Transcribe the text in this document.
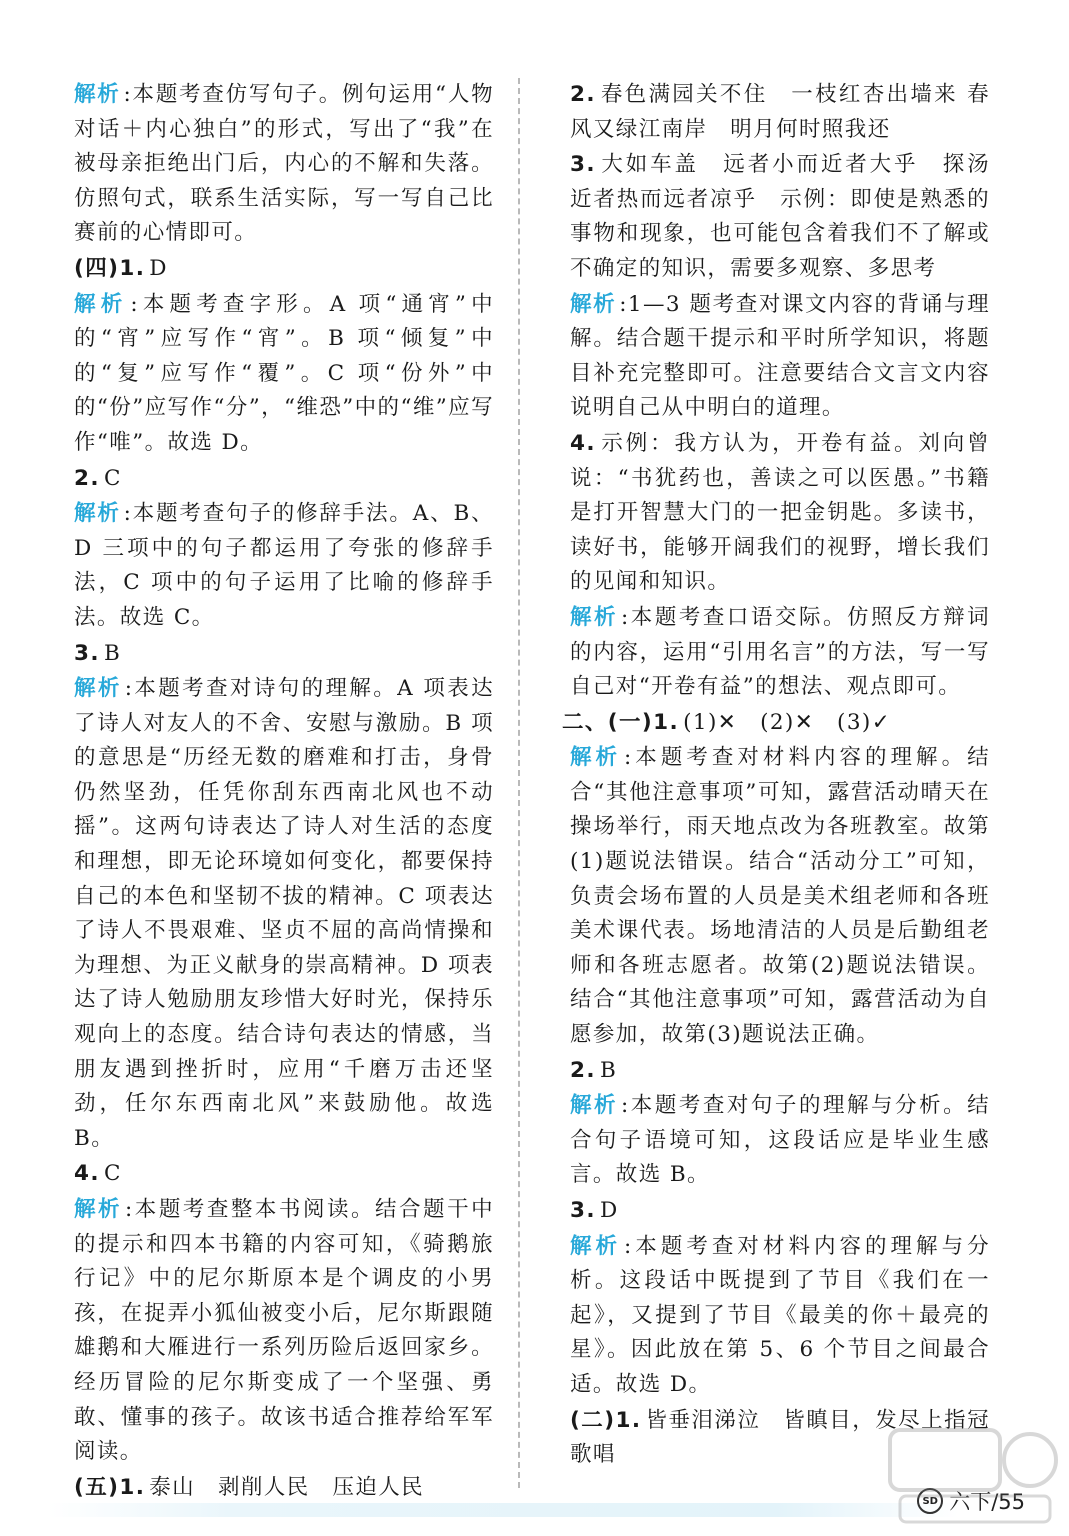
解析 :本题考查仿写句子。例句运用“人物对话＋内心独白”的形式，写出了“我”在被母亲拒绝出门后，内心的不解和失落。仿照句式，联系生活实际，写一写自己比赛前的心情即可。
(四)1. D
解析 :本题考查字形。A 项“通宵”中的“宵”应写作“宵”。B 项“倾复”中的“复”应写作“覆”。C 项“份外”中的“份”应写作“分”，“维恐”中的“维”应写作“唯”。故选 D。
2. C
解析 :本题考查句子的修辞手法。A、B、D 三项中的句子都运用了夸张的修辞手法，C 项中的句子运用了比喻的修辞手法。故选 C。
3. B
解析 :本题考查对诗句的理解。A 项表达了诗人对友人的不舍、安慰与激励。B 项的意思是“历经无数的磨难和打击，身骨仍然坚劲，任凭你刮东西南北风也不动摇”。这两句诗表达了诗人对生活的态度和理想，即无论环境如何变化，都要保持自己的本色和坚韧不拔的精神。C 项表达了诗人不畏艰难、坚贞不屈的高尚情操和为理想、为正义献身的崇高精神。D 项表达了诗人勉励朋友珍惜大好时光，保持乐观向上的态度。结合诗句表达的情感，当朋友遇到挫折时，应用“千磨万击还坚劲，任尔东西南北风”来鼓励他。故选 B。
4. C
解析 :本题考查整本书阅读。结合题干中的提示和四本书籍的内容可知，《骑鹅旅行记》中的尼尔斯原本是个调皮的小男孩，在捉弄小狐仙被变小后，尼尔斯跟随雄鹅和大雁进行一系列历险后返回家乡。经历冒险的尼尔斯变成了一个坚强、勇敢、懂事的孩子。故该书适合推荐给军军阅读。
(五)1. 泰山　剥削人民　压迫人民
2. 春色满园关不住　一枝红杏出墙来 春风又绿江南岸　明月何时照我还
3. 大如车盖　远者小而近者大乎　探汤 近者热而远者凉乎　示例：即使是熟悉的事物和现象，也可能包含着我们不了解或不确定的知识，需要多观察、多思考
解析 :1—3 题考查对课文内容的背诵与理解。结合题干提示和平时所学知识，将题目补充完整即可。注意要结合文言文内容说明自己从中明白的道理。
4. 示例：我方认为，开卷有益。刘向曾说：“书犹药也，善读之可以医愚。”书籍是打开智慧大门的一把金钥匙。多读书，读好书，能够开阔我们的视野，增长我们的见闻和知识。
解析 :本题考查口语交际。仿照反方辩词的内容，运用“引用名言”的方法，写一写自己对“开卷有益”的想法、观点即可。
二、(一)1. (1)✕　(2)✕　(3)✓
解析 :本题考查对材料内容的理解。结合“其他注意事项”可知，露营活动晴天在操场举行，雨天地点改为各班教室。故第(1)题说法错误。结合“活动分工”可知，负责会场布置的人员是美术组老师和各班美术课代表。场地清洁的人员是后勤组老师和各班志愿者。故第(2)题说法错误。结合“其他注意事项”可知，露营活动为自愿参加，故第(3)题说法正确。
2. B
解析 :本题考查对句子的理解与分析。结合句子语境可知，这段话应是毕业生感言。故选 B。
3. D
解析 :本题考查对材料内容的理解与分析。这段话中既提到了节目《我们在一起》，又提到了节目《最美的你＋最亮的星》。因此放在第 5、6 个节目之间最合适。故选 D。
(二)1. 皆垂泪涕泣　皆瞋目，发尽上指冠 歌唱
SD 六下/55
